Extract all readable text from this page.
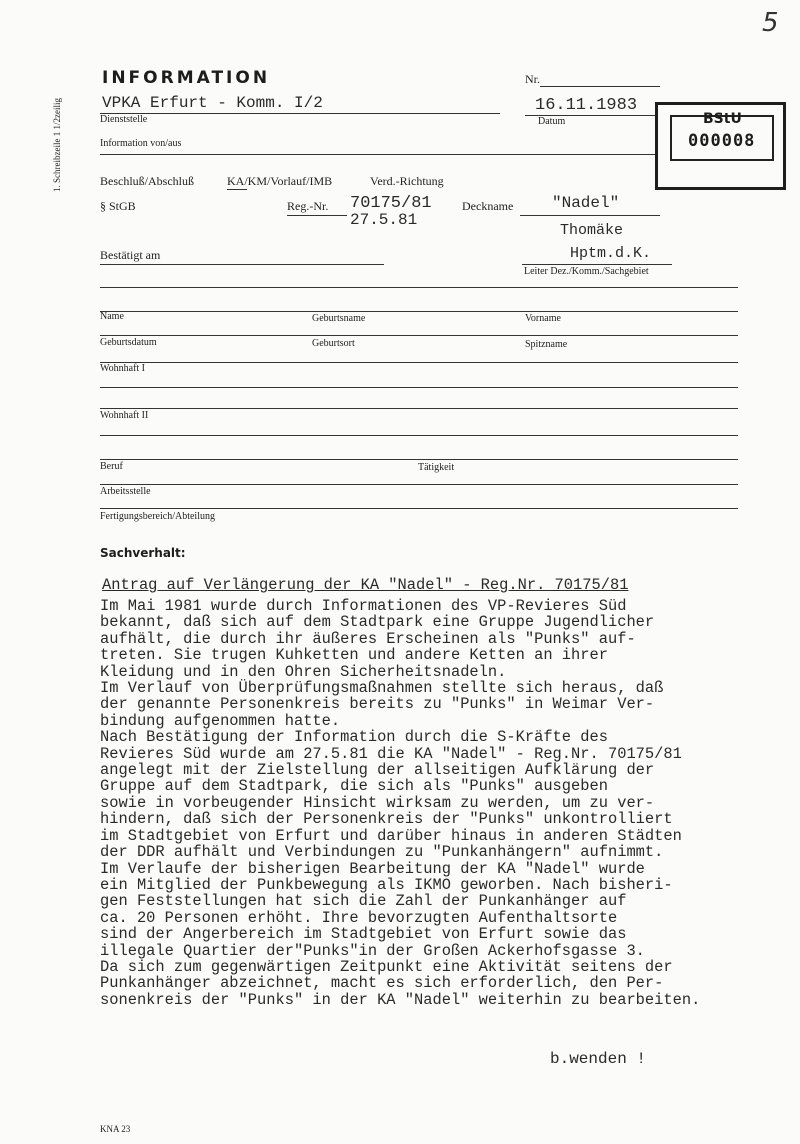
5
1. Schreibzeile 1 1/2zeilig
INFORMATION	Nr.
VPKA Erfurt - Komm. I/2
Dienststelle
16.11.1983
Datum
Information von/aus
BStU
000008
Beschluß/Abschluß	KA/KM/Vorlauf/IMB	Verd.-Richtung
§ StGB	Reg.-Nr. 70175/81
27.5.81
Deckname "Nadel"
Thomäke
Hptm.d.K.
Leiter Dez./Komm./Sachgebiet
Bestätigt am
Name	Geburtsname	Vorname
Geburtsdatum	Geburtsort	Spitzname
Wohnhaft I
Wohnhaft II
Beruf	Tätigkeit
Arbeitsstelle
Fertigungsbereich/Abteilung
Sachverhalt:
Antrag auf Verlängerung der KA "Nadel" - Reg.Nr. 70175/81
Im Mai 1981 wurde durch Informationen des VP-Revieres Süd
bekannt, daß sich auf dem Stadtpark eine Gruppe Jugendlicher
aufhält, die durch ihr äußeres Erscheinen als "Punks" auf-
treten. Sie trugen Kuhketten und andere Ketten an ihrer
Kleidung und in den Ohren Sicherheitsnadeln.
Im Verlauf von Überprüfungsmaßnahmen stellte sich heraus, daß
der genannte Personenkreis bereits zu "Punks" in Weimar Ver-
bindung aufgenommen hatte.
Nach Bestätigung der Information durch die S-Kräfte des
Revieres Süd wurde am 27.5.81 die KA "Nadel" - Reg.Nr. 70175/81
angelegt mit der Zielstellung der allseitigen Aufklärung der
Gruppe auf dem Stadtpark, die sich als "Punks" ausgeben
sowie in vorbeugender Hinsicht wirksam zu werden, um zu ver-
hindern, daß sich der Personenkreis der "Punks" unkontrolliert
im Stadtgebiet von Erfurt und darüber hinaus in anderen Städten
der DDR aufhält und Verbindungen zu "Punkanhängern" aufnimmt.
Im Verlaufe der bisherigen Bearbeitung der KA "Nadel" wurde
ein Mitglied der Punkbewegung als IKMO geworben. Nach bisheri-
gen Feststellungen hat sich die Zahl der Punkanhänger auf
ca. 20 Personen erhöht. Ihre bevorzugten Aufenthaltsorte
sind der Angerbereich im Stadtgebiet von Erfurt sowie das
illegale Quartier der"Punks"in der Großen Ackerhofsgasse 3.
Da sich zum gegenwärtigen Zeitpunkt eine Aktivität seitens der
Punkanhänger abzeichnet, macht es sich erforderlich, den Per-
sonenkreis der "Punks" in der KA "Nadel" weiterhin zu bearbeiten.
b.wenden !
KNA 23
